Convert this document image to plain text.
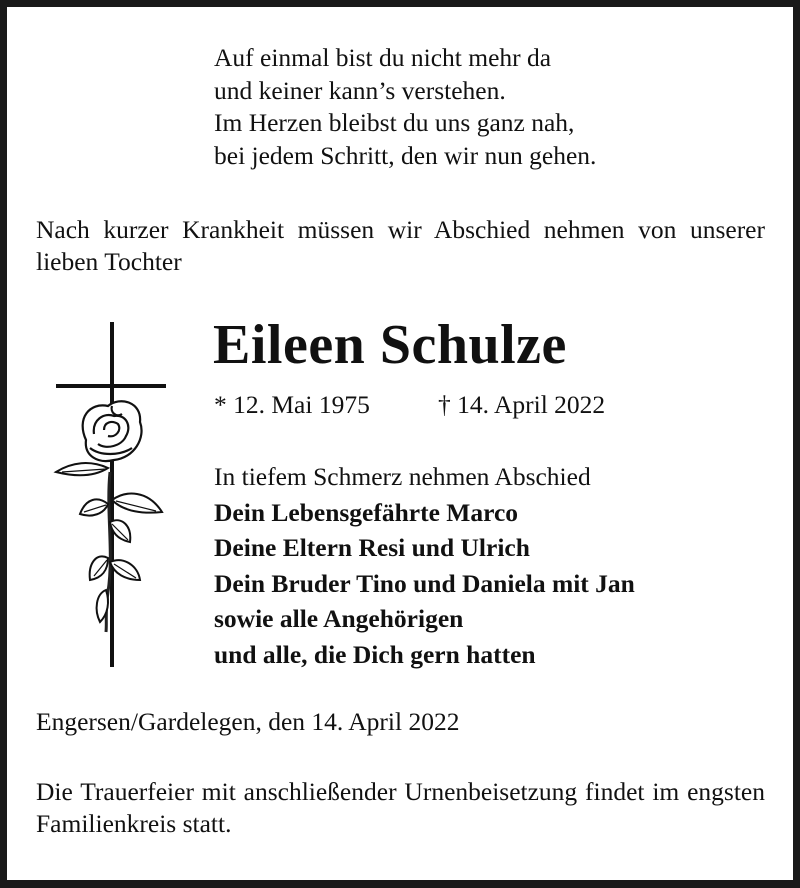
Auf einmal bist du nicht mehr da
und keiner kann’s verstehen.
Im Herzen bleibst du uns ganz nah,
bei jedem Schritt, den wir nun gehen.
Nach kurzer Krankheit müssen wir Abschied nehmen von unserer lieben Tochter
Eileen Schulze
* 12. Mai 1975	† 14. April 2022
In tiefem Schmerz nehmen Abschied
Dein Lebensgefährte Marco
Deine Eltern Resi und Ulrich
Dein Bruder Tino und Daniela mit Jan
sowie alle Angehörigen
und alle, die Dich gern hatten
Engersen/Gardelegen, den 14. April 2022
Die Trauerfeier mit anschließender Urnenbeisetzung findet im engsten Familienkreis statt.
